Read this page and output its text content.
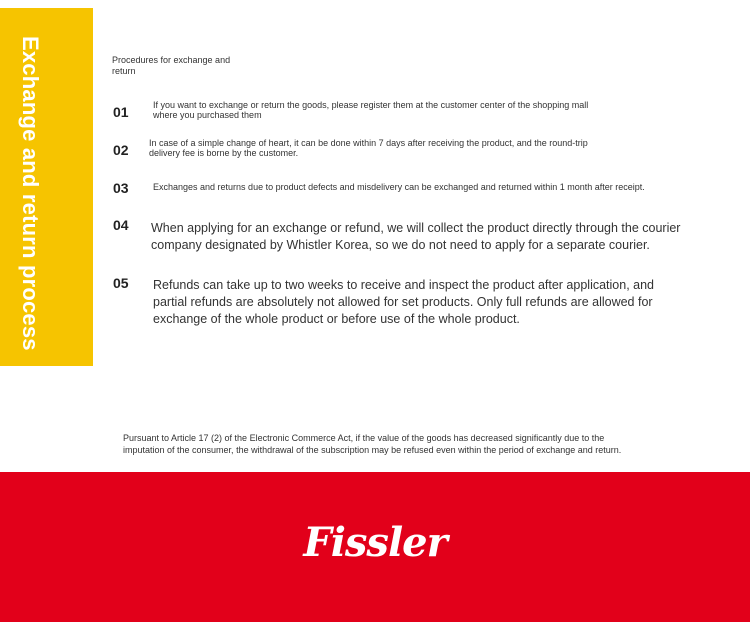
Exchange and return process	Procedures for exchange and return
01	If you want to exchange or return the goods, please register them at the customer center of the shopping mall where you purchased them
02 In case of a simple change of heart, it can be done within 7 days after receiving the product, and the round-trip delivery fee is borne by the customer.
03	Exchanges and returns due to product defects and misdelivery can be exchanged and returned within 1 month after receipt.
04 When applying for an exchange or refund, we will collect the product directly through the courier company designated by Whistler Korea, so we do not need to apply for a separate courier.
05 Refunds can take up to two weeks to receive and inspect the product after application, and partial refunds are absolutely not allowed for set products. Only full refunds are allowed for exchange of the whole product or before use of the whole product.
Pursuant to Article 17 (2) of the Electronic Commerce Act, if the value of the goods has decreased significantly due to the imputation of the consumer, the withdrawal of the subscription may be refused even within the period of exchange and return.
Fissler
